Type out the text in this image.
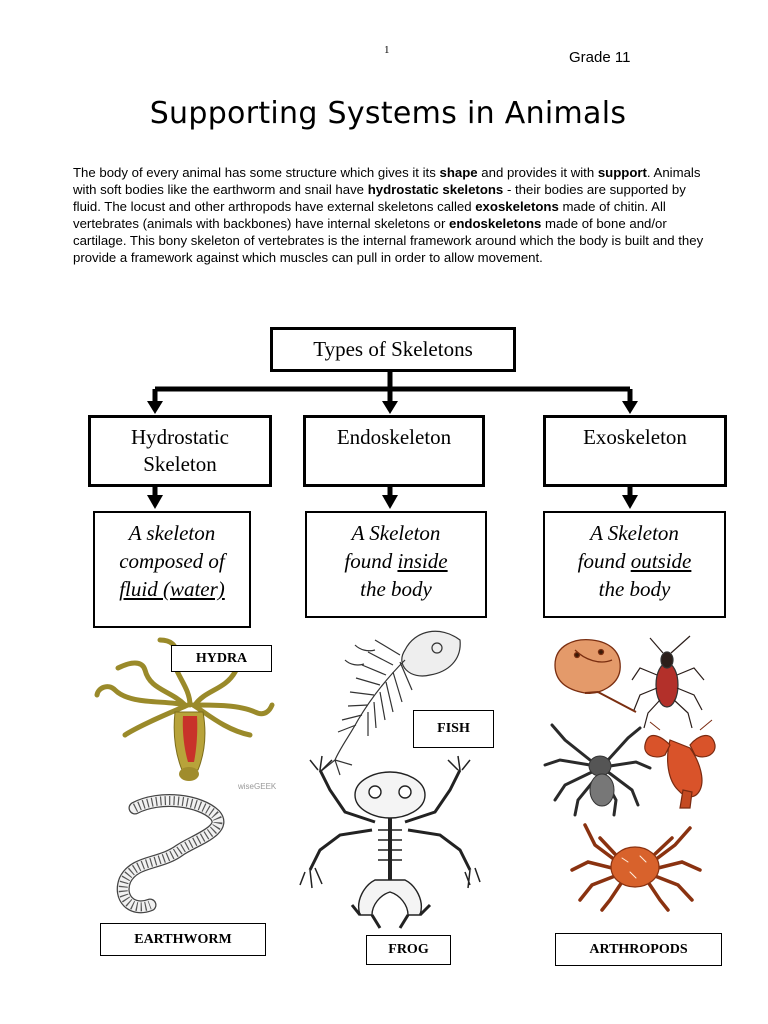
1	Grade 11
Supporting Systems in Animals
The body of every animal has some structure which gives it its shape and provides it with support. Animals with soft bodies like the earthworm and snail have hydrostatic skeletons - their bodies are supported by fluid. The locust and other arthropods have external skeletons called exoskeletons made of chitin. All vertebrates (animals with backbones) have internal skeletons or endoskeletons made of bone and/or cartilage. This bony skeleton of vertebrates is the internal framework around which the body is built and they provide a framework against which muscles can pull in order to allow movement.
wiseGEEK
Types of Skeletons
Hydrostatic
Skeleton
Endoskeleton	Exoskeleton
A skeleton
composed of
fluid (water)
A Skeleton
found inside
the body
A Skeleton
found outside
the body
HYDRA
FISH
EARTHWORM
FROG	ARTHROPODS
